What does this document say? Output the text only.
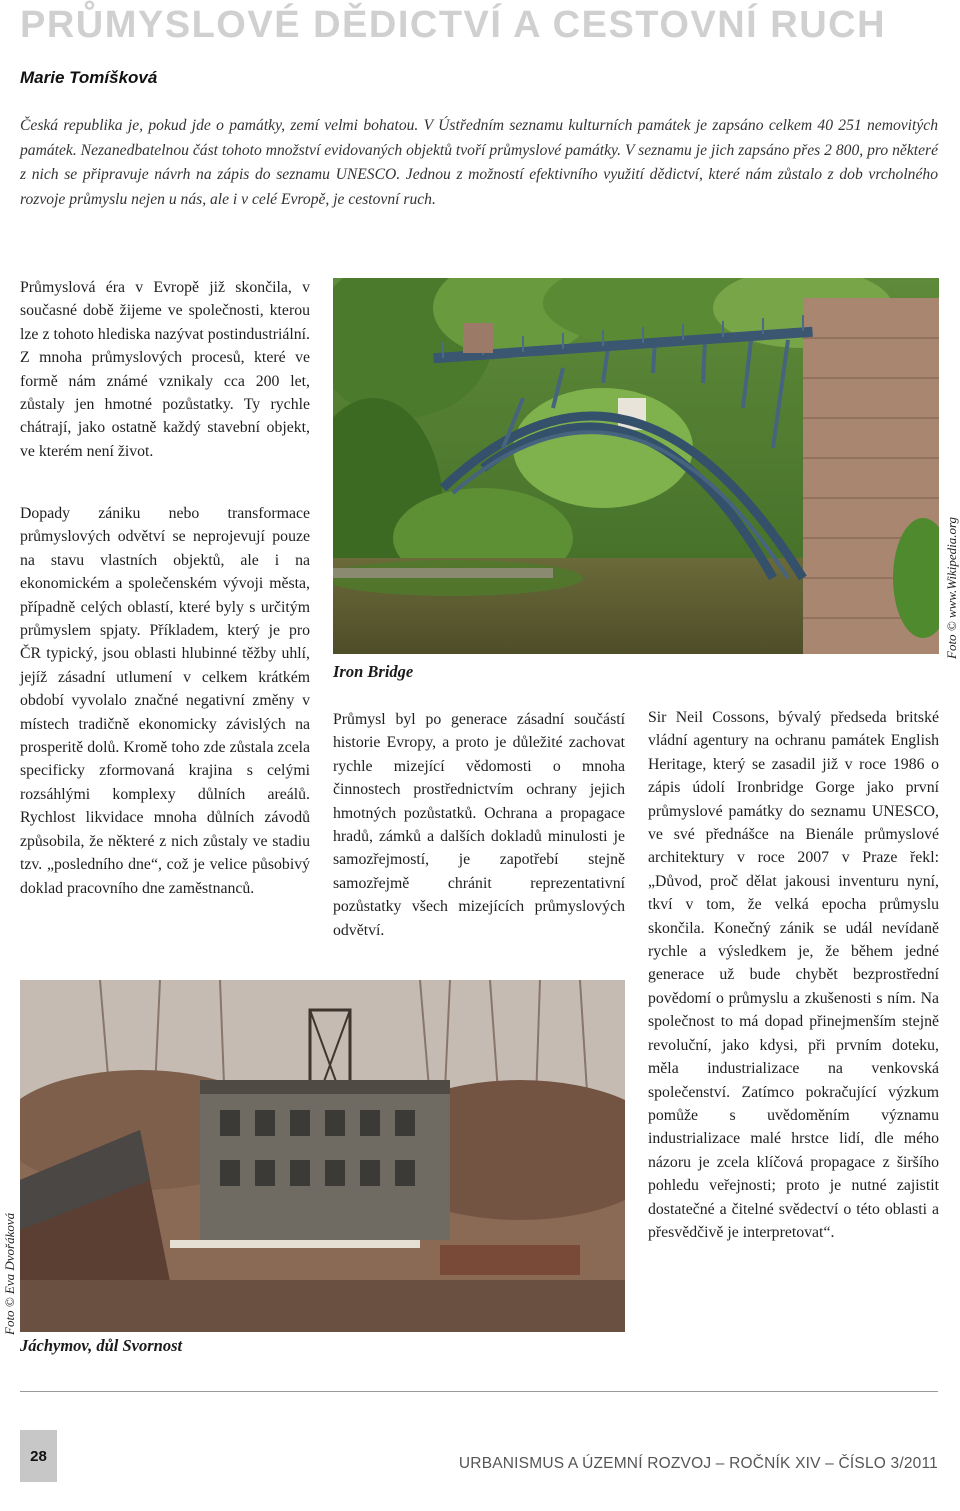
PRŮMYSLOVÉ DĚDICTVÍ A CESTOVNÍ RUCH
Marie Tomíšková

Česká republika je, pokud jde o památky, zemí velmi bohatou. V Ústředním seznamu kulturních památek je zapsáno celkem 40 251 nemovitých památek. Nezanedbatelnou část tohoto množství evidovaných objektů tvoří průmyslové památky. V seznamu je jich zapsáno přes 2 800, pro některé z nich se připravuje návrh na zápis do seznamu UNESCO. Jednou z možností efektivního využití dědictví, které nám zůstalo z dob vrcholného rozvoje průmyslu nejen u nás, ale i v celé Evropě, je cestovní ruch.

Průmyslová éra v Evropě již skončila, v současné době žijeme ve společnosti, kterou lze z tohoto hlediska nazývat postindustriální. Z mnoha průmyslových procesů, které ve formě nám známé vznikaly cca 200 let, zůstaly jen hmotné pozůstatky. Ty rychle chátrají, jako ostatně každý stavební objekt, ve kterém není život.

Dopady zániku nebo transformace průmyslových odvětví se neprojevují pouze na stavu vlastních objektů, ale i na ekonomickém a společenském vývoji města, případně celých oblastí, které byly s určitým průmyslem spjaty. Příkladem, který je pro ČR typický, jsou oblasti hlubinné těžby uhlí, jejíž zásadní utlumení v celkem krátkém období vyvolalo značné negativní změny v místech tradičně ekonomicky závislých na prosperitě dolů. Kromě toho zde zůstala zcela specificky zformovaná krajina s celými rozsáhlými komplexy důlních areálů. Rychlost likvidace mnoha důlních závodů způsobila, že některé z nich zůstaly ve stadiu tzv. „posledního dne“, což je velice působivý doklad pracovního dne zaměstnanců.

Iron Bridge
Foto © www.Wikipedia.org

Průmysl byl po generace zásadní součástí historie Evropy, a proto je důležité zachovat rychle mizející vědomosti o mnoha činnostech prostřednictvím ochrany jejich hmotných pozůstatků. Ochrana a propagace hradů, zámků a dalších dokladů minulosti je samozřejmostí, je zapotřebí stejně samozřejmě chránit reprezentativní pozůstatky všech mizejících průmyslových odvětví.

Sir Neil Cossons, bývalý předseda britské vládní agentury na ochranu památek English Heritage, který se zasadil již v roce 1986 o zápis údolí Ironbridge Gorge jako první průmyslové památky do seznamu UNESCO, ve své přednášce na Bienále průmyslové architektury v roce 2007 v Praze řekl: „Důvod, proč dělat jakousi inventuru nyní, tkví v tom, že velká epocha průmyslu skončila. Konečný zánik se udál nevídaně rychle a výsledkem je, že během jedné generace už bude chybět bezprostřední povědomí o průmyslu a zkušenosti s ním. Na společnost to má dopad přinejmenším stejně revoluční, jako kdysi, při prvním doteku, měla industrializace na venkovská společenství. Zatímco pokračující výzkum pomůže s uvědoměním významu industrializace malé hrstce lidí, dle mého názoru je zcela klíčová propagace z širšího pohledu veřejnosti; proto je nutné zajistit dostatečné a čitelné svědectví o této oblasti a přesvědčivě je interpretovat“.

Foto © Eva Dvořáková
Jáchymov, důl Svornost
28	URBANISMUS A ÚZEMNÍ ROZVOJ – ROČNÍK XIV – ČÍSLO 3/2011
